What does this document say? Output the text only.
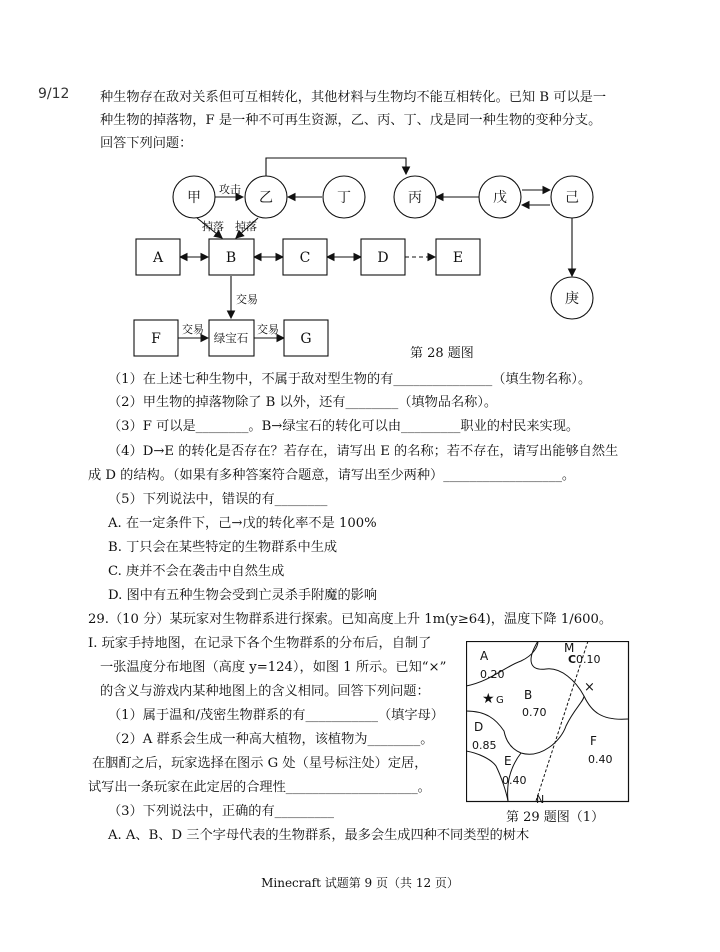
9/12 种生物存在敌对关系但可互相转化，其他材料与生物均不能互相转化。已知 B 可以是一
种生物的掉落物，F 是一种不可再生资源，乙、丙、丁、戊是同一种生物的变种分支。
回答下列问题：
甲	乙	丁	丙	戊	己
庚
A	B	C	D	E
F	绿宝石	G
攻击
掉落 掉落
交易
交易	交易
第 28 题图
（1）在上述七种生物中，不属于敌对型生物的有_______________（填生物名称）。
（2）甲生物的掉落物除了 B 以外，还有________（填物品名称）。
（3）F 可以是________。B→绿宝石的转化可以由_________职业的村民来实现。
（4）D→E 的转化是否存在？若存在，请写出 E 的名称；若不存在，请写出能够自然生
成 D 的结构。（如果有多种答案符合题意，请写出至少两种）__________________。
（5）下列说法中，错误的有________
A. 在一定条件下，己→戊的转化率不是 100%
B. 丁只会在某些特定的生物群系中生成
C. 庚并不会在袭击中自然生成
D. 图中有五种生物会受到亡灵杀手附魔的影响
29.（10 分）某玩家对生物群系进行探索。已知高度上升 1m(y≥64)，温度下降 1/600。
I. 玩家手持地图，在记录下各个生物群系的分布后，自制了
一张温度分布地图（高度 y=124），如图 1 所示。已知“×”
的含义与游戏内某种地图上的含义相同。回答下列问题：
（1）属于温和/茂密生物群系的有___________（填字母）
（2）A 群系会生成一种高大植物，该植物为________。
在胭酊之后，玩家选择在图示 G 处（星号标注处）定居，
试写出一条玩家在此定居的合理性____________________。
（3）下列说法中，正确的有_________
A. A、B、D 三个字母代表的生物群系，最多会生成四种不同类型的树木
M
N
×
A
0.20
C 0.10
B
0.70
D
0.85
E
0.40
F
0.40
★ G
第 29 题图（1）
Minecraft 试题第 9 页（共 12 页）
